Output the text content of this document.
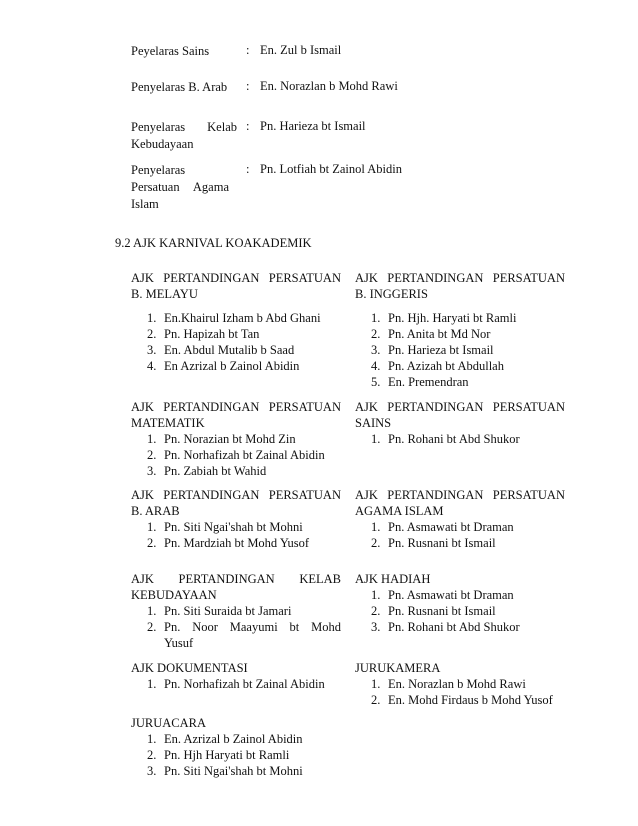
Peyelaras Sains	: En. Zul b Ismail
Penyelaras B. Arab	: En. Norazlan b Mohd Rawi
Penyelaras Kelab
Kebudayaan
: Pn. Harieza bt Ismail
Penyelaras
Persatuan Agama
Islam
: Pn. Lotfiah bt Zainol Abidin
9.2 AJK KARNIVAL KOAKADEMIK
AJK PERTANDINGAN PERSATUAN
B. MELAYU
1. En.Khairul Izham b Abd Ghani
2. Pn. Hapizah bt Tan
3. En. Abdul Mutalib b Saad
4. En Azrizal b Zainol Abidin
AJK PERTANDINGAN PERSATUAN
B. INGGERIS
1. Pn. Hjh. Haryati bt Ramli
2. Pn. Anita bt Md Nor
3. Pn. Harieza bt Ismail
4. Pn. Azizah bt Abdullah
5. En. Premendran
AJK PERTANDINGAN PERSATUAN
MATEMATIK
1. Pn. Norazian bt Mohd Zin
2. Pn. Norhafizah bt Zainal Abidin
3. Pn. Zabiah bt Wahid
AJK PERTANDINGAN PERSATUAN
SAINS
1. Pn. Rohani bt Abd Shukor
AJK PERTANDINGAN PERSATUAN
B. ARAB
1. Pn. Siti Ngai'shah bt Mohni
2. Pn. Mardziah bt Mohd Yusof
AJK PERTANDINGAN PERSATUAN
AGAMA ISLAM
1. Pn. Asmawati bt Draman
2. Pn. Rusnani bt Ismail
AJK PERTANDINGAN KELAB
KEBUDAYAAN
1. Pn. Siti Suraida bt Jamari
2. Pn. Noor Maayumi bt Mohd
Yusuf
AJK HADIAH
1. Pn. Asmawati bt Draman
2. Pn. Rusnani bt Ismail
3. Pn. Rohani bt Abd Shukor
AJK DOKUMENTASI
1. Pn. Norhafizah bt Zainal Abidin
JURUKAMERA
1. En. Norazlan b Mohd Rawi
2. En. Mohd Firdaus b Mohd Yusof
JURUACARA
1. En. Azrizal b Zainol Abidin
2. Pn. Hjh Haryati bt Ramli
3. Pn. Siti Ngai'shah bt Mohni
